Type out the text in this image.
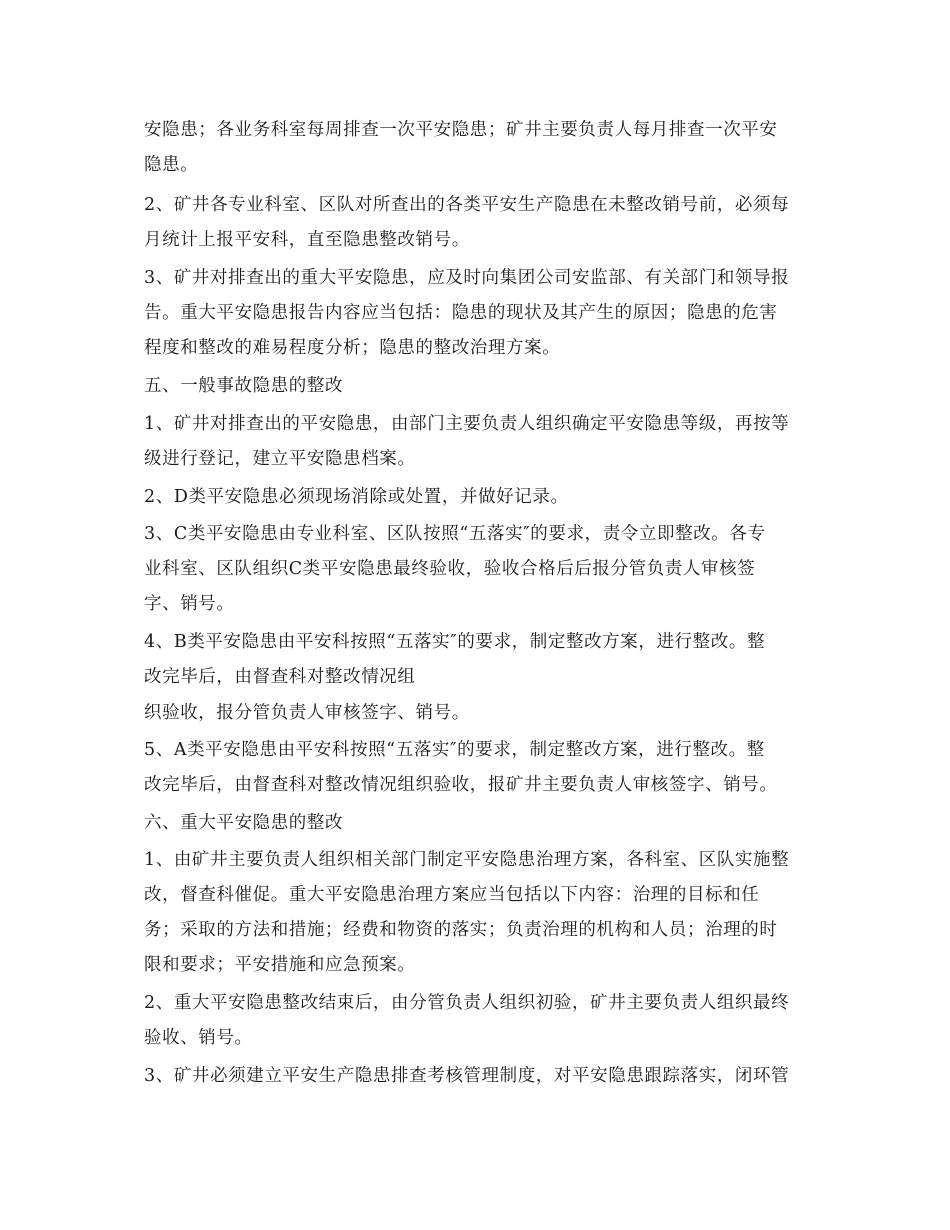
安隐患；各业务科室每周排查一次平安隐患；矿井主要负责人每月排查一次平安
隐患。
2、矿井各专业科室、区队对所查出的各类平安生产隐患在未整改销号前，必须每
月统计上报平安科，直至隐患整改销号。
3、矿井对排查出的重大平安隐患，应及时向集团公司安监部、有关部门和领导报
告。重大平安隐患报告内容应当包括：隐患的现状及其产生的原因；隐患的危害
程度和整改的难易程度分析；隐患的整改治理方案。
五、一般事故隐患的整改
1、矿井对排查出的平安隐患，由部门主要负责人组织确定平安隐患等级，再按等
级进行登记，建立平安隐患档案。
2、D类平安隐患必须现场消除或处置，并做好记录。
3、C类平安隐患由专业科室、区队按照“五落实″的要求，责令立即整改。各专
业科室、区队组织C类平安隐患最终验收，验收合格后后报分管负责人审核签
字、销号。
4、B类平安隐患由平安科按照“五落实″的要求，制定整改方案，进行整改。整
改完毕后，由督查科对整改情况组
织验收，报分管负责人审核签字、销号。
5、A类平安隐患由平安科按照“五落实″的要求，制定整改方案，进行整改。整
改完毕后，由督查科对整改情况组织验收，报矿井主要负责人审核签字、销号。
六、重大平安隐患的整改
1、由矿井主要负责人组织相关部门制定平安隐患治理方案，各科室、区队实施整
改，督查科催促。重大平安隐患治理方案应当包括以下内容：治理的目标和任
务；采取的方法和措施；经费和物资的落实；负责治理的机构和人员；治理的时
限和要求；平安措施和应急预案。
2、重大平安隐患整改结束后，由分管负责人组织初验，矿井主要负责人组织最终
验收、销号。
3、矿井必须建立平安生产隐患排查考核管理制度，对平安隐患跟踪落实，闭环管
